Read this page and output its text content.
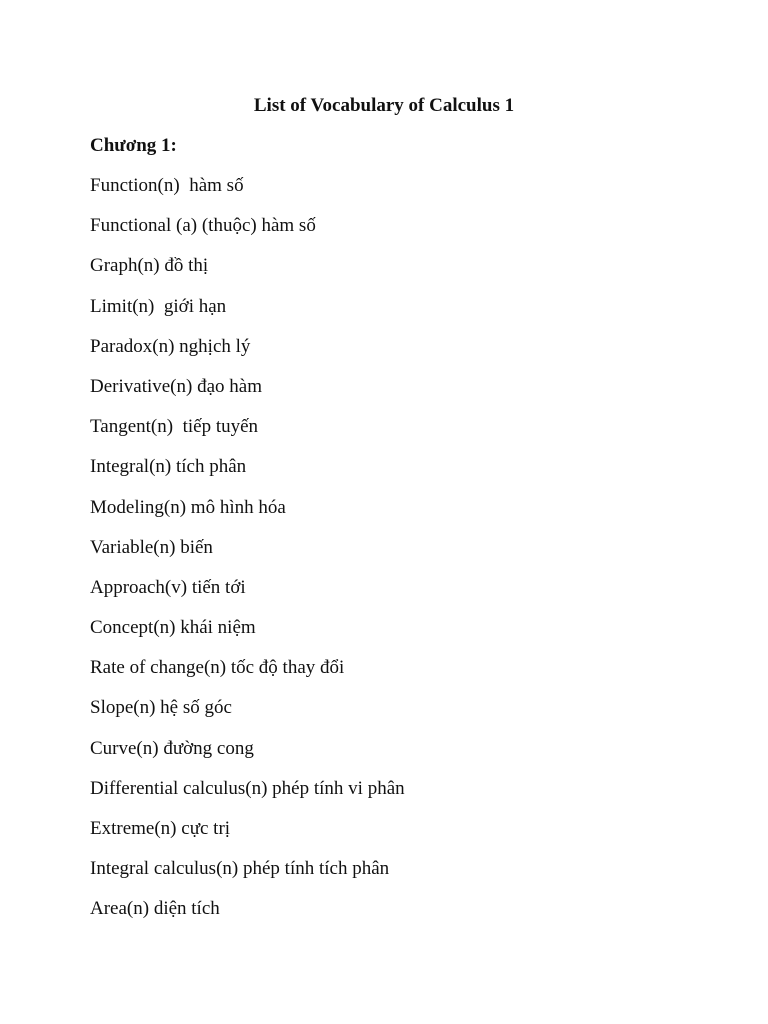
List of Vocabulary of Calculus 1
Chương 1:
Function(n)  hàm số
Functional (a) (thuộc) hàm số
Graph(n) đồ thị
Limit(n)  giới hạn
Paradox(n) nghịch lý
Derivative(n) đạo hàm
Tangent(n)  tiếp tuyến
Integral(n) tích phân
Modeling(n) mô hình hóa
Variable(n) biến
Approach(v) tiến tới
Concept(n) khái niệm
Rate of change(n) tốc độ thay đổi
Slope(n) hệ số góc
Curve(n) đường cong
Differential calculus(n) phép tính vi phân
Extreme(n) cực trị
Integral calculus(n) phép tính tích phân
Area(n) diện tích
